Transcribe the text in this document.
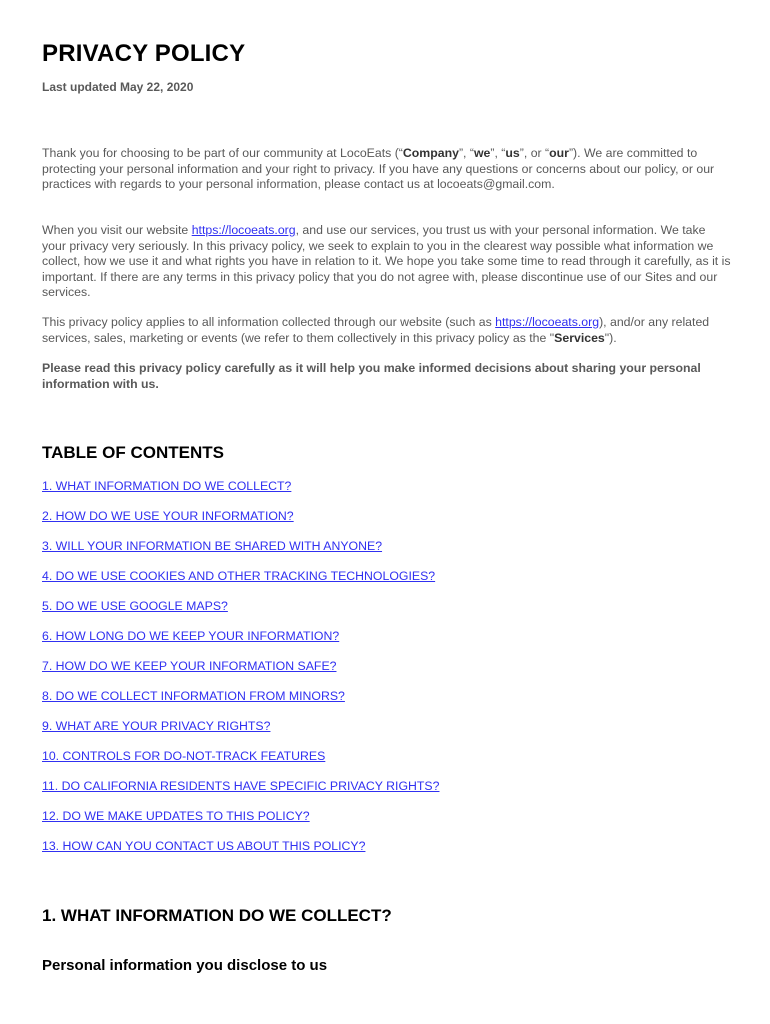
PRIVACY POLICY

Last updated May 22, 2020

Thank you for choosing to be part of our community at LocoEats (“Company”, “we”, “us”, or “our”). We are committed to protecting your personal information and your right to privacy. If you have any questions or concerns about our policy, or our practices with regards to your personal information, please contact us at locoeats@gmail.com.

When you visit our website https://locoeats.org, and use our services, you trust us with your personal information. We take your privacy very seriously. In this privacy policy, we seek to explain to you in the clearest way possible what information we collect, how we use it and what rights you have in relation to it. We hope you take some time to read through it carefully, as it is important. If there are any terms in this privacy policy that you do not agree with, please discontinue use of our Sites and our services.

This privacy policy applies to all information collected through our website (such as https://locoeats.org), and/or any related services, sales, marketing or events (we refer to them collectively in this privacy policy as the "Services").

Please read this privacy policy carefully as it will help you make informed decisions about sharing your personal information with us.

TABLE OF CONTENTS
1. WHAT INFORMATION DO WE COLLECT?
2. HOW DO WE USE YOUR INFORMATION?
3. WILL YOUR INFORMATION BE SHARED WITH ANYONE?
4. DO WE USE COOKIES AND OTHER TRACKING TECHNOLOGIES?
5. DO WE USE GOOGLE MAPS?
6. HOW LONG DO WE KEEP YOUR INFORMATION?
7. HOW DO WE KEEP YOUR INFORMATION SAFE?
8. DO WE COLLECT INFORMATION FROM MINORS?
9. WHAT ARE YOUR PRIVACY RIGHTS?
10. CONTROLS FOR DO-NOT-TRACK FEATURES
11. DO CALIFORNIA RESIDENTS HAVE SPECIFIC PRIVACY RIGHTS?
12. DO WE MAKE UPDATES TO THIS POLICY?
13. HOW CAN YOU CONTACT US ABOUT THIS POLICY?
1. WHAT INFORMATION DO WE COLLECT?
Personal information you disclose to us
